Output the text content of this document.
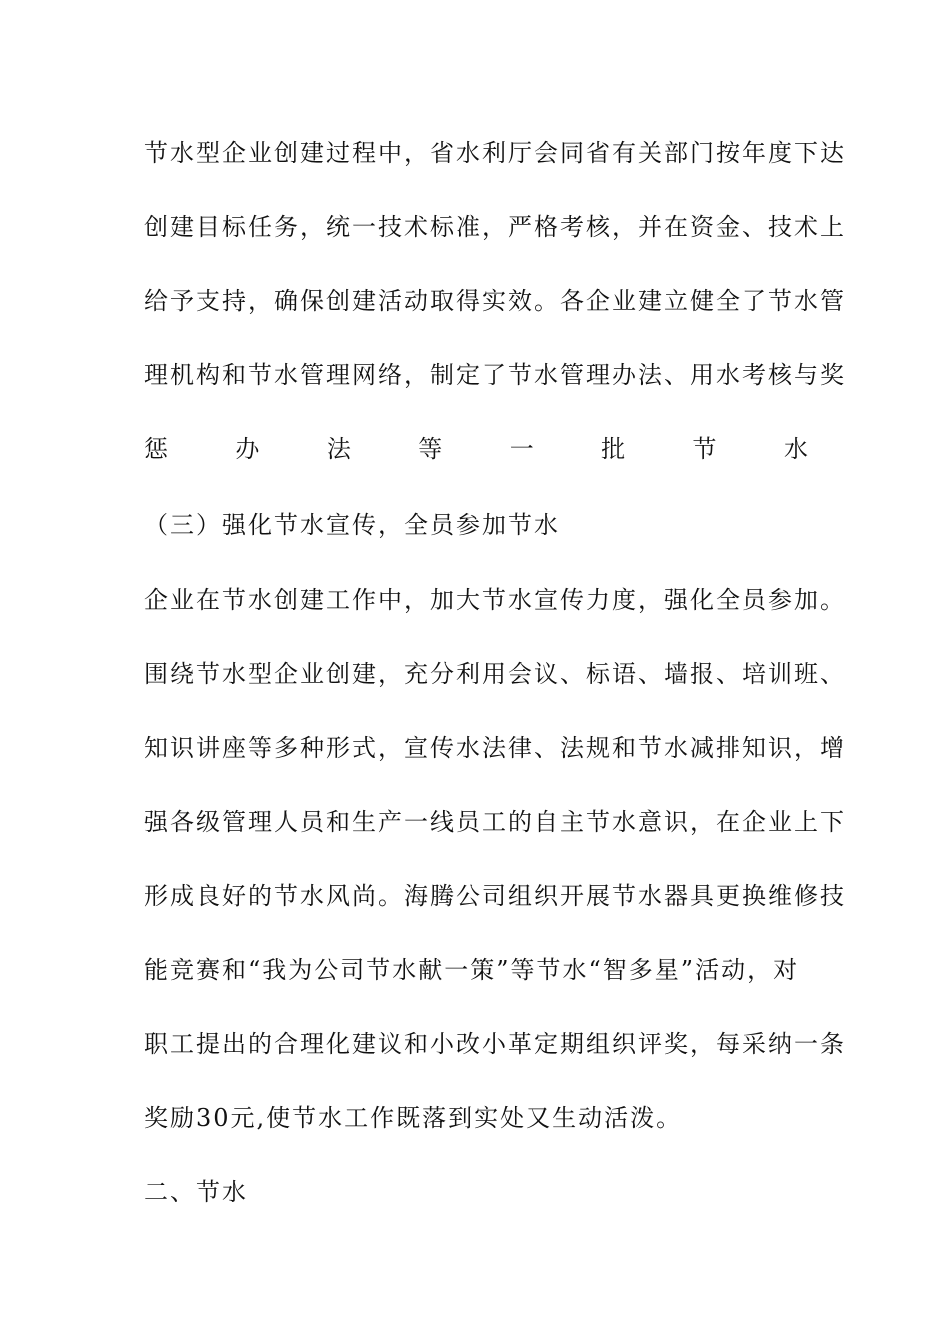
节水型企业创建过程中，省水利厅会同省有关部门按年度下达
创建目标任务，统一技术标准，严格考核，并在资金、技术上
给予支持，确保创建活动取得实效。各企业建立健全了节水管
理机构和节水管理网络，制定了节水管理办法、用水考核与奖
惩	办	法	等	一	批	节	水
（三）强化节水宣传，全员参加节水
企业在节水创建工作中，加大节水宣传力度，强化全员参加。
围绕节水型企业创建，充分利用会议、标语、墙报、培训班、
知识讲座等多种形式，宣传水法律、法规和节水减排知识，增
强各级管理人员和生产一线员工的自主节水意识，在企业上下
形成良好的节水风尚。海腾公司组织开展节水器具更换维修技
能竞赛和“我为公司节水献一策”等节水“智多星”活动，对
职工提出的合理化建议和小改小革定期组织评奖，每采纳一条
奖励30元,使节水工作既落到实处又生动活泼。
二、节水
